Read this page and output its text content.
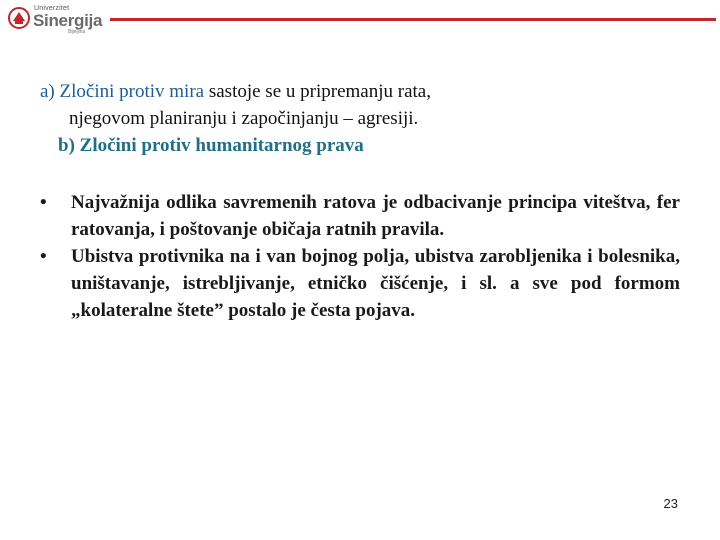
Univerzitet
Sinergija
Bijeljina

a) Zločini protiv mira sastoje se u pripremanju rata,
njegovom planiranju i započinjanju – agresiji.

b) Zločini protiv humanitarnog prava

• Najvažnija odlika savremenih ratova je odbacivanje principa viteštva, fer ratovanja, i poštovanje običaja ratnih pravila.
• Ubistva protivnika na i van bojnog polja, ubistva zarobljenika i bolesnika, uništavanje, istrebljivanje, etničko čišćenje, i sl. a sve pod formom „kolateralne štete” postalo je česta pojava.
23
